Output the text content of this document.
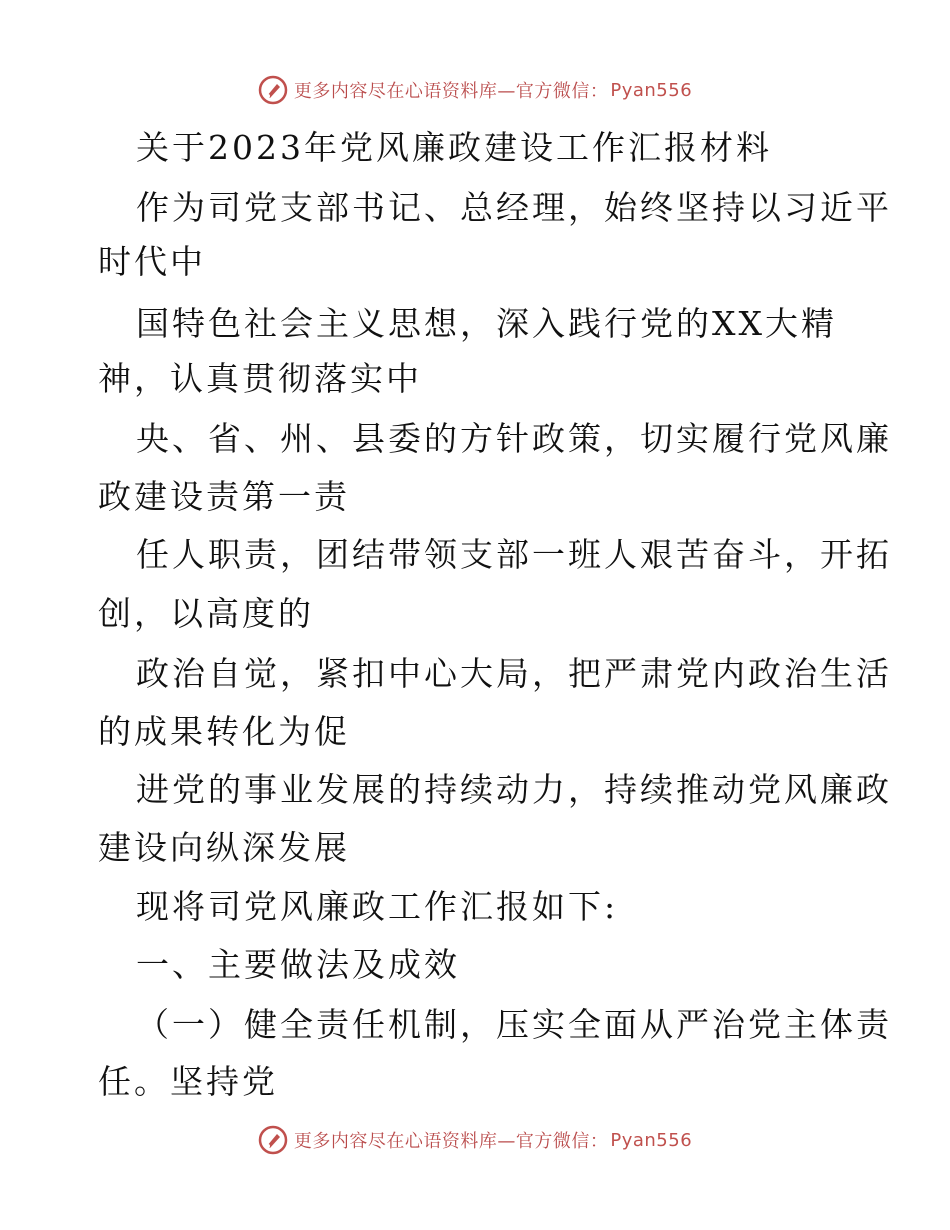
更多内容尽在心语资料库—官方微信： Pyan556
关于2023年党风廉政建设工作汇报材料
作为司党支部书记、总经理，始终坚持以习近平
时代中
国特色社会主义思想，深入践行党的XX大精
神，认真贯彻落实中
央、省、州、县委的方针政策，切实履行党风廉
政建设责第一责
任人职责，团结带领支部一班人艰苦奋斗，开拓
创，以高度的
政治自觉，紧扣中心大局，把严肃党内政治生活
的成果转化为促
进党的事业发展的持续动力，持续推动党风廉政
建设向纵深发展
现将司党风廉政工作汇报如下:
一、主要做法及成效
（一）健全责任机制，压实全面从严治党主体责
任。坚持党
更多内容尽在心语资料库—官方微信： Pyan556
